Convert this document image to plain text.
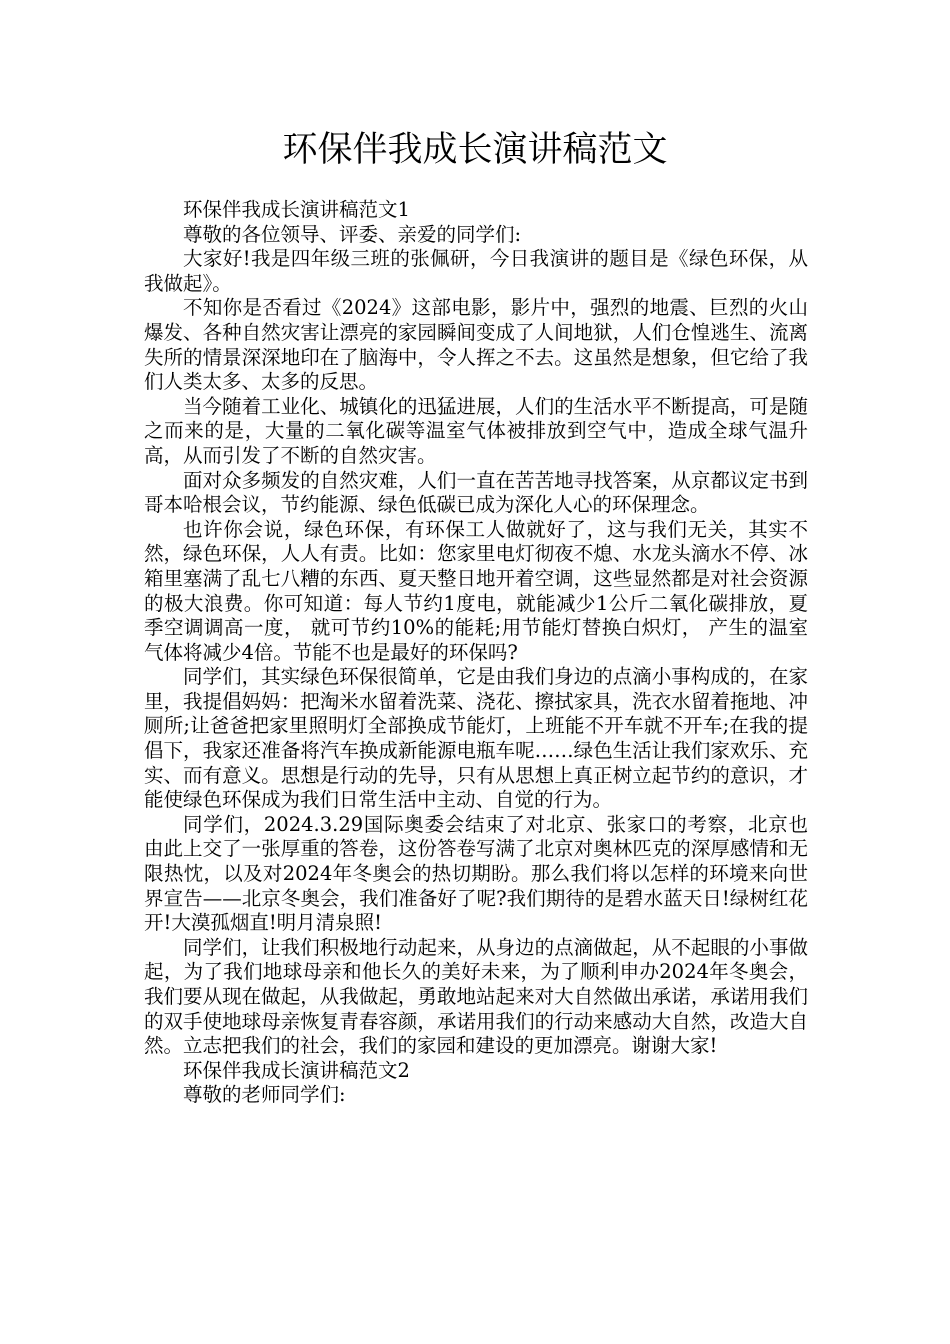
环保伴我成长演讲稿范文

环保伴我成长演讲稿范文1

尊敬的各位领导、评委、亲爱的同学们:

大家好!我是四年级三班的张佩研，今日我演讲的题目是《绿色环保，从我做起》。

不知你是否看过《2024》这部电影，影片中，强烈的地震、巨烈的火山爆发、各种自然灾害让漂亮的家园瞬间变成了人间地狱，人们仓惶逃生、流离失所的情景深深地印在了脑海中，令人挥之不去。这虽然是想象，但它给了我们人类太多、太多的反思。

当今随着工业化、城镇化的迅猛进展，人们的生活水平不断提高，可是随之而来的是，大量的二氧化碳等温室气体被排放到空气中，造成全球气温升高，从而引发了不断的自然灾害。

面对众多频发的自然灾难，人们一直在苦苦地寻找答案，从京都议定书到哥本哈根会议，节约能源、绿色低碳已成为深化人心的环保理念。

也许你会说，绿色环保，有环保工人做就好了，这与我们无关，其实不然，绿色环保，人人有责。比如：您家里电灯彻夜不熄、水龙头滴水不停、冰箱里塞满了乱七八糟的东西、夏天整日地开着空调，这些显然都是对社会资源的极大浪费。你可知道：每人节约1度电，就能减少1公斤二氧化碳排放，夏季空调调高一度， 就可节约10%的能耗;用节能灯替换白炽灯， 产生的温室气体将减少4倍。节能不也是最好的环保吗?

同学们，其实绿色环保很简单，它是由我们身边的点滴小事构成的，在家里，我提倡妈妈：把淘米水留着洗菜、浇花、擦拭家具，洗衣水留着拖地、冲厕所;让爸爸把家里照明灯全部换成节能灯，上班能不开车就不开车;在我的提倡下，我家还准备将汽车换成新能源电瓶车呢……绿色生活让我们家欢乐、充实、而有意义。思想是行动的先导，只有从思想上真正树立起节约的意识，才能使绿色环保成为我们日常生活中主动、自觉的行为。

同学们，2024.3.29国际奥委会结束了对北京、张家口的考察，北京也由此上交了一张厚重的答卷，这份答卷写满了北京对奥林匹克的深厚感情和无限热忱，以及对2024年冬奥会的热切期盼。那么我们将以怎样的环境来向世界宣告——北京冬奥会，我们准备好了呢?我们期待的是碧水蓝天日!绿树红花开!大漠孤烟直!明月清泉照!

同学们，让我们积极地行动起来，从身边的点滴做起，从不起眼的小事做起，为了我们地球母亲和他长久的美好未来，为了顺利申办2024年冬奥会，我们要从现在做起，从我做起，勇敢地站起来对大自然做出承诺，承诺用我们的双手使地球母亲恢复青春容颜，承诺用我们的行动来感动大自然，改造大自然。立志把我们的社会，我们的家园和建设的更加漂亮。谢谢大家!

环保伴我成长演讲稿范文2

尊敬的老师同学们:
